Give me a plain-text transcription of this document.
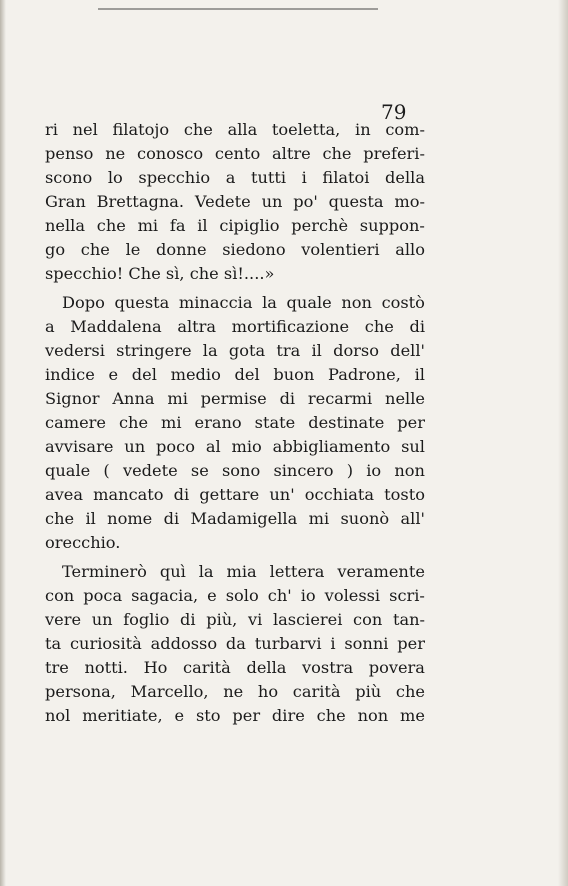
79
ri nel filatojo che alla toeletta, in com-
penso ne conosco cento altre che preferi-
scono lo specchio a tutti i filatoi della
Gran Brettagna. Vedete un po' questa mo-
nella che mi fa il cipiglio perchè suppon-
go che le donne siedono volentieri allo
specchio! Che sì, che sì!....»
Dopo questa minaccia la quale non costò
a Maddalena altra mortificazione che di
vedersi stringere la gota tra il dorso dell'
indice e del medio del buon Padrone, il
Signor Anna mi permise di recarmi nelle
camere che mi erano state destinate per
avvisare un poco al mio abbigliamento sul
quale ( vedete se sono sincero ) io non
avea mancato di gettare un' occhiata tosto
che il nome di Madamigella mi suonò all'
orecchio.
Terminerò quì la mia lettera veramente
con poca sagacia, e solo ch' io volessi scri-
vere un foglio di più, vi lascierei con tan-
ta curiosità addosso da turbarvi i sonni per
tre notti. Ho carità della vostra povera
persona, Marcello, ne ho carità più che
nol meritiate, e sto per dire che non me
